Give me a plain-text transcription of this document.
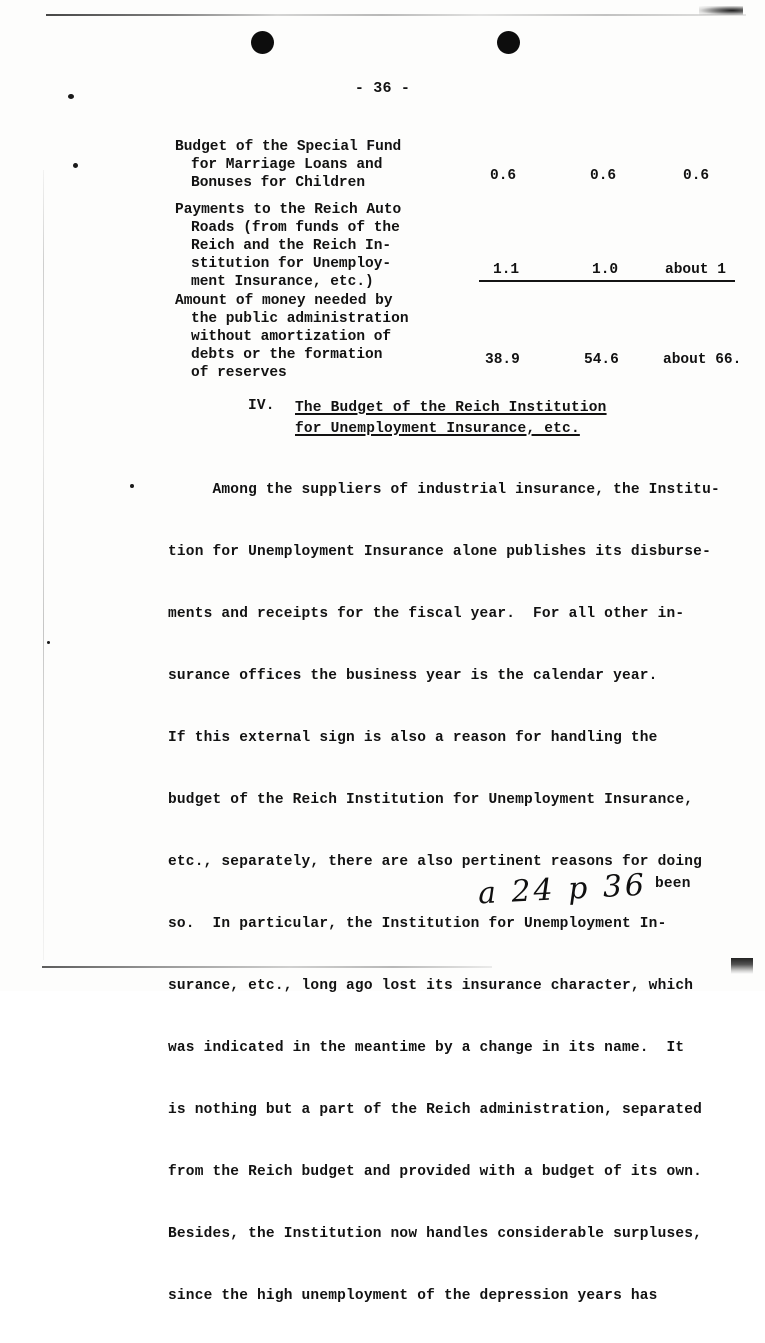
- 36 -
Budget of the Special Fund
for Marriage Loans and
Bonuses for Children	0.6	0.6	0.6
Payments to the Reich Auto
Roads (from funds of the
Reich and the Reich In-
stitution for Unemploy-
ment Insurance, etc.)
1.1	1.0	about 1
Amount of money needed by
the public administration
without amortization of
debts or the formation
of reserves
38.9	54.6	about 66.
IV. The Budget of the Reich Institution
for Unemployment Insurance, etc.

Among the suppliers of industrial insurance, the Institu-

tion for Unemployment Insurance alone publishes its disburse-

ments and receipts for the fiscal year.  For all other in-

surance offices the business year is the calendar year.

If this external sign is also a reason for handling the

budget of the Reich Institution for Unemployment Insurance,

etc., separately, there are also pertinent reasons for doing

so.  In particular, the Institution for Unemployment In-

surance, etc., long ago lost its insurance character, which

was indicated in the meantime by a change in its name.  It

is nothing but a part of the Reich administration, separated

from the Reich budget and provided with a budget of its own.

Besides, the Institution now handles considerable surpluses,

since the high unemployment of the depression years has

been
a 24 p 36
